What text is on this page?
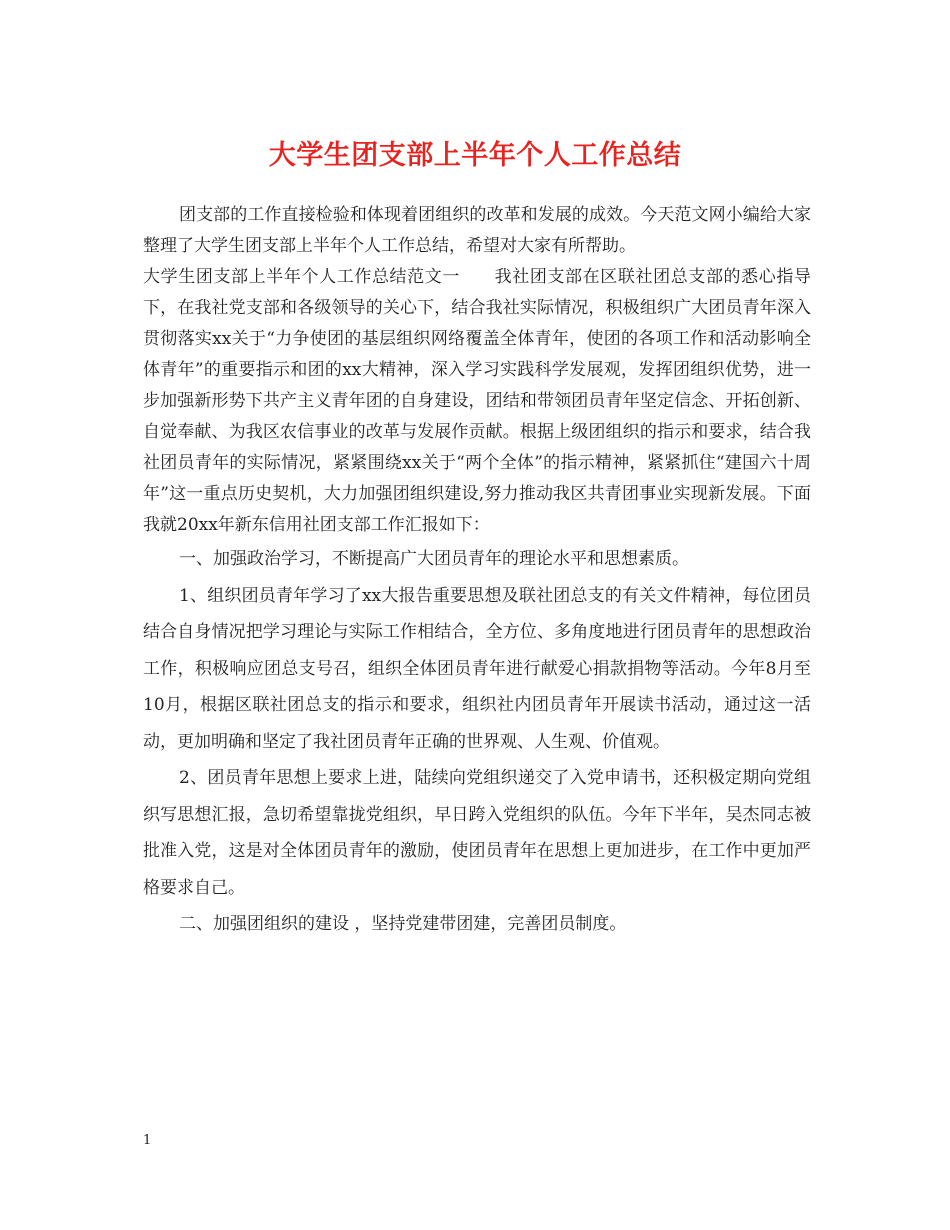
大学生团支部上半年个人工作总结

团支部的工作直接检验和体现着团组织的改革和发展的成效。今天范文网小编给大家整理了大学生团支部上半年个人工作总结，希望对大家有所帮助。

大学生团支部上半年个人工作总结范文一 我社团支部在区联社团总支部的悉心指导下，在我社党支部和各级领导的关心下，结合我社实际情况，积极组织广大团员青年深入贯彻落实xx关于“力争使团的基层组织网络覆盖全体青年，使团的各项工作和活动影响全体青年”的重要指示和团的xx大精神，深入学习实践科学发展观，发挥团组织优势，进一步加强新形势下共产主义青年团的自身建设，团结和带领团员青年坚定信念、开拓创新、自觉奉献、为我区农信事业的改革与发展作贡献。根据上级团组织的指示和要求，结合我社团员青年的实际情况，紧紧围绕xx关于“两个全体”的指示精神，紧紧抓住“建国六十周年”这一重点历史契机，大力加强团组织建设,努力推动我区共青团事业实现新发展。下面我就20xx年新东信用社团支部工作汇报如下：

一、加强政治学习，不断提高广大团员青年的理论水平和思想素质。

1、组织团员青年学习了xx大报告重要思想及联社团总支的有关文件精神，每位团员结合自身情况把学习理论与实际工作相结合，全方位、多角度地进行团员青年的思想政治工作，积极响应团总支号召，组织全体团员青年进行献爱心捐款捐物等活动。今年8月至10月，根据区联社团总支的指示和要求，组织社内团员青年开展读书活动，通过这一活动，更加明确和坚定了我社团员青年正确的世界观、人生观、价值观。

2、团员青年思想上要求上进，陆续向党组织递交了入党申请书，还积极定期向党组织写思想汇报，急切希望靠拢党组织，早日跨入党组织的队伍。今年下半年，吴杰同志被批准入党，这是对全体团员青年的激励，使团员青年在思想上更加进步，在工作中更加严格要求自己。

二、加强团组织的建设 ，坚持党建带团建，完善团员制度。

1
